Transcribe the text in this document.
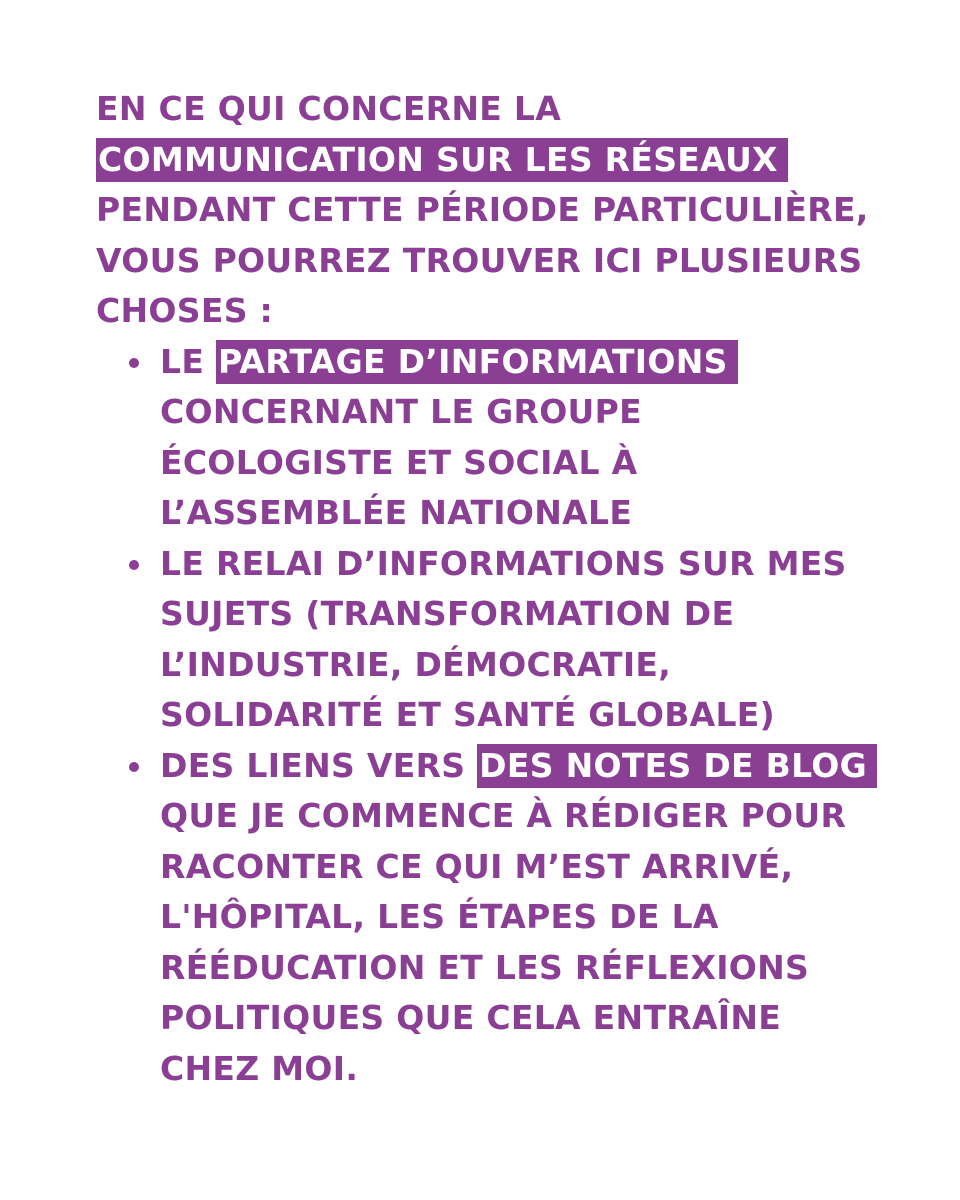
EN CE QUI CONCERNE LA
COMMUNICATION SUR LES RÉSEAUX
PENDANT CETTE PÉRIODE PARTICULIÈRE,
VOUS POURREZ TROUVER ICI PLUSIEURS
CHOSES :
LE PARTAGE D’INFORMATIONS
CONCERNANT LE GROUPE
ÉCOLOGISTE ET SOCIAL À
L’ASSEMBLÉE NATIONALE
LE RELAI D’INFORMATIONS SUR MES
SUJETS (TRANSFORMATION DE
L’INDUSTRIE, DÉMOCRATIE,
SOLIDARITÉ ET SANTÉ GLOBALE)
DES LIENS VERS DES NOTES DE BLOG
QUE JE COMMENCE À RÉDIGER POUR
RACONTER CE QUI M’EST ARRIVÉ,
L'HÔPITAL, LES ÉTAPES DE LA
RÉÉDUCATION ET LES RÉFLEXIONS
POLITIQUES QUE CELA ENTRAÎNE
CHEZ MOI.
